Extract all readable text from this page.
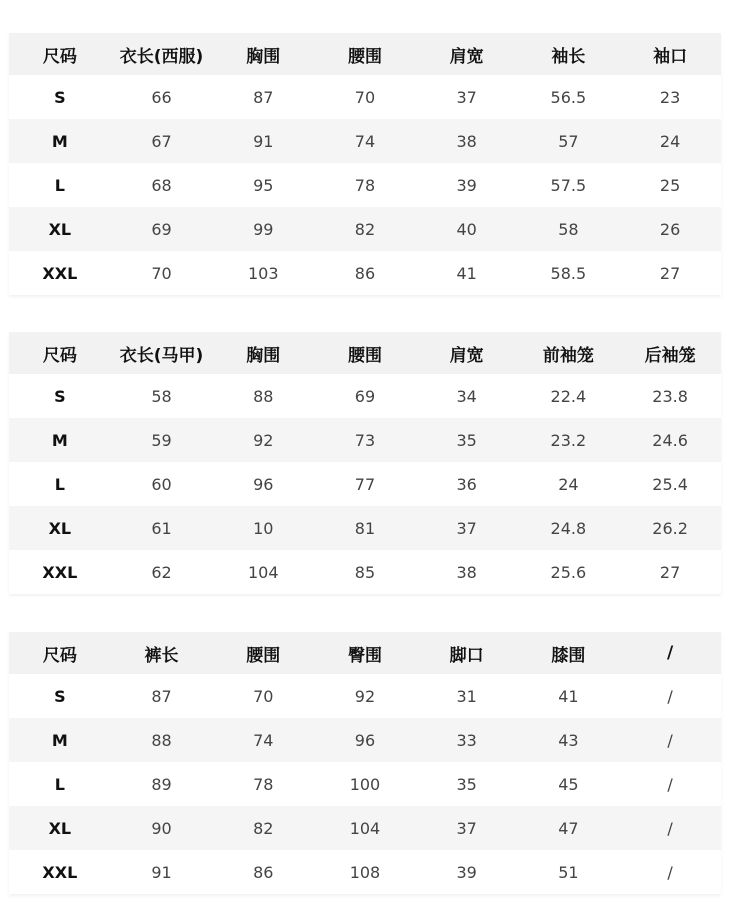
尺码	衣长(西服)	胸围	腰围	肩宽	袖长	袖口
S	66	87	70	37	56.5	23
M	67	91	74	38	57	24
L	68	95	78	39	57.5	25
XL	69	99	82	40	58	26
XXL	70	103	86	41	58.5	27
尺码	衣长(马甲)	胸围	腰围	肩宽	前袖笼	后袖笼
S	58	88	69	34	22.4	23.8
M	59	92	73	35	23.2	24.6
L	60	96	77	36	24	25.4
XL	61	10	81	37	24.8	26.2
XXL	62	104	85	38	25.6	27
尺码	裤长	腰围	臀围	脚口	膝围	/
S	87	70	92	31	41	/
M	88	74	96	33	43	/
L	89	78	100	35	45	/
XL	90	82	104	37	47	/
XXL	91	86	108	39	51	/
